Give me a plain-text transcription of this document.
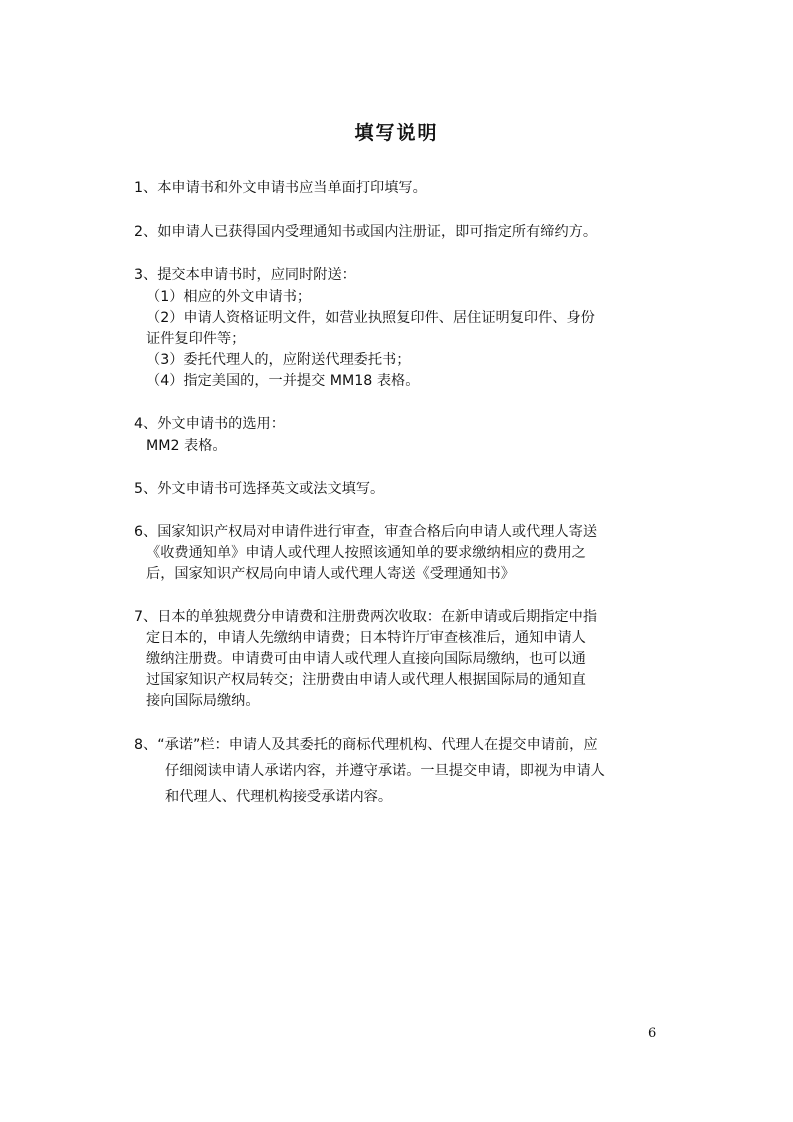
填写说明
1、本申请书和外文申请书应当单面打印填写。
2、如申请人已获得国内受理通知书或国内注册证，即可指定所有缔约方。
3、提交本申请书时，应同时附送：
（1）相应的外文申请书；
（2）申请人资格证明文件，如营业执照复印件、居住证明复印件、身份
证件复印件等；
（3）委托代理人的，应附送代理委托书；
（4）指定美国的，一并提交 MM18 表格。
4、外文申请书的选用：
MM2 表格。
5、外文申请书可选择英文或法文填写。
6、国家知识产权局对申请件进行审查，审查合格后向申请人或代理人寄送
《收费通知单》申请人或代理人按照该通知单的要求缴纳相应的费用之
后，国家知识产权局向申请人或代理人寄送《受理通知书》
7、日本的单独规费分申请费和注册费两次收取：在新申请或后期指定中指
定日本的，申请人先缴纳申请费；日本特许厅审查核准后，通知申请人
缴纳注册费。申请费可由申请人或代理人直接向国际局缴纳，也可以通
过国家知识产权局转交；注册费由申请人或代理人根据国际局的通知直
接向国际局缴纳。
8、“承诺”栏：申请人及其委托的商标代理机构、代理人在提交申请前，应
仔细阅读申请人承诺内容，并遵守承诺。一旦提交申请，即视为申请人
和代理人、代理机构接受承诺内容。
6
